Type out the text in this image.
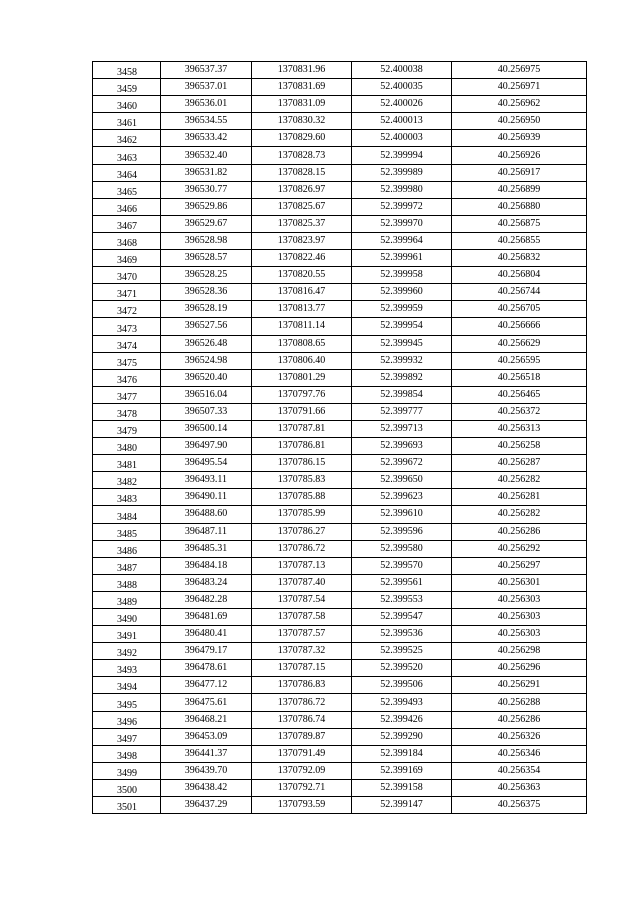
3458	396537.37	1370831.96	52.400038	40.256975
3459	396537.01	1370831.69	52.400035	40.256971
3460	396536.01	1370831.09	52.400026	40.256962
3461	396534.55	1370830.32	52.400013	40.256950
3462	396533.42	1370829.60	52.400003	40.256939
3463	396532.40	1370828.73	52.399994	40.256926
3464	396531.82	1370828.15	52.399989	40.256917
3465	396530.77	1370826.97	52.399980	40.256899
3466	396529.86	1370825.67	52.399972	40.256880
3467	396529.67	1370825.37	52.399970	40.256875
3468	396528.98	1370823.97	52.399964	40.256855
3469	396528.57	1370822.46	52.399961	40.256832
3470	396528.25	1370820.55	52.399958	40.256804
3471	396528.36	1370816.47	52.399960	40.256744
3472	396528.19	1370813.77	52.399959	40.256705
3473	396527.56	1370811.14	52.399954	40.256666
3474	396526.48	1370808.65	52.399945	40.256629
3475	396524.98	1370806.40	52.399932	40.256595
3476	396520.40	1370801.29	52.399892	40.256518
3477	396516.04	1370797.76	52.399854	40.256465
3478	396507.33	1370791.66	52.399777	40.256372
3479	396500.14	1370787.81	52.399713	40.256313
3480	396497.90	1370786.81	52.399693	40.256258
3481	396495.54	1370786.15	52.399672	40.256287
3482	396493.11	1370785.83	52.399650	40.256282
3483	396490.11	1370785.88	52.399623	40.256281
3484	396488.60	1370785.99	52.399610	40.256282
3485	396487.11	1370786.27	52.399596	40.256286
3486	396485.31	1370786.72	52.399580	40.256292
3487	396484.18	1370787.13	52.399570	40.256297
3488	396483.24	1370787.40	52.399561	40.256301
3489	396482.28	1370787.54	52.399553	40.256303
3490	396481.69	1370787.58	52.399547	40.256303
3491	396480.41	1370787.57	52.399536	40.256303
3492	396479.17	1370787.32	52.399525	40.256298
3493	396478.61	1370787.15	52.399520	40.256296
3494	396477.12	1370786.83	52.399506	40.256291
3495	396475.61	1370786.72	52.399493	40.256288
3496	396468.21	1370786.74	52.399426	40.256286
3497	396453.09	1370789.87	52.399290	40.256326
3498	396441.37	1370791.49	52.399184	40.256346
3499	396439.70	1370792.09	52.399169	40.256354
3500	396438.42	1370792.71	52.399158	40.256363
3501	396437.29	1370793.59	52.399147	40.256375
